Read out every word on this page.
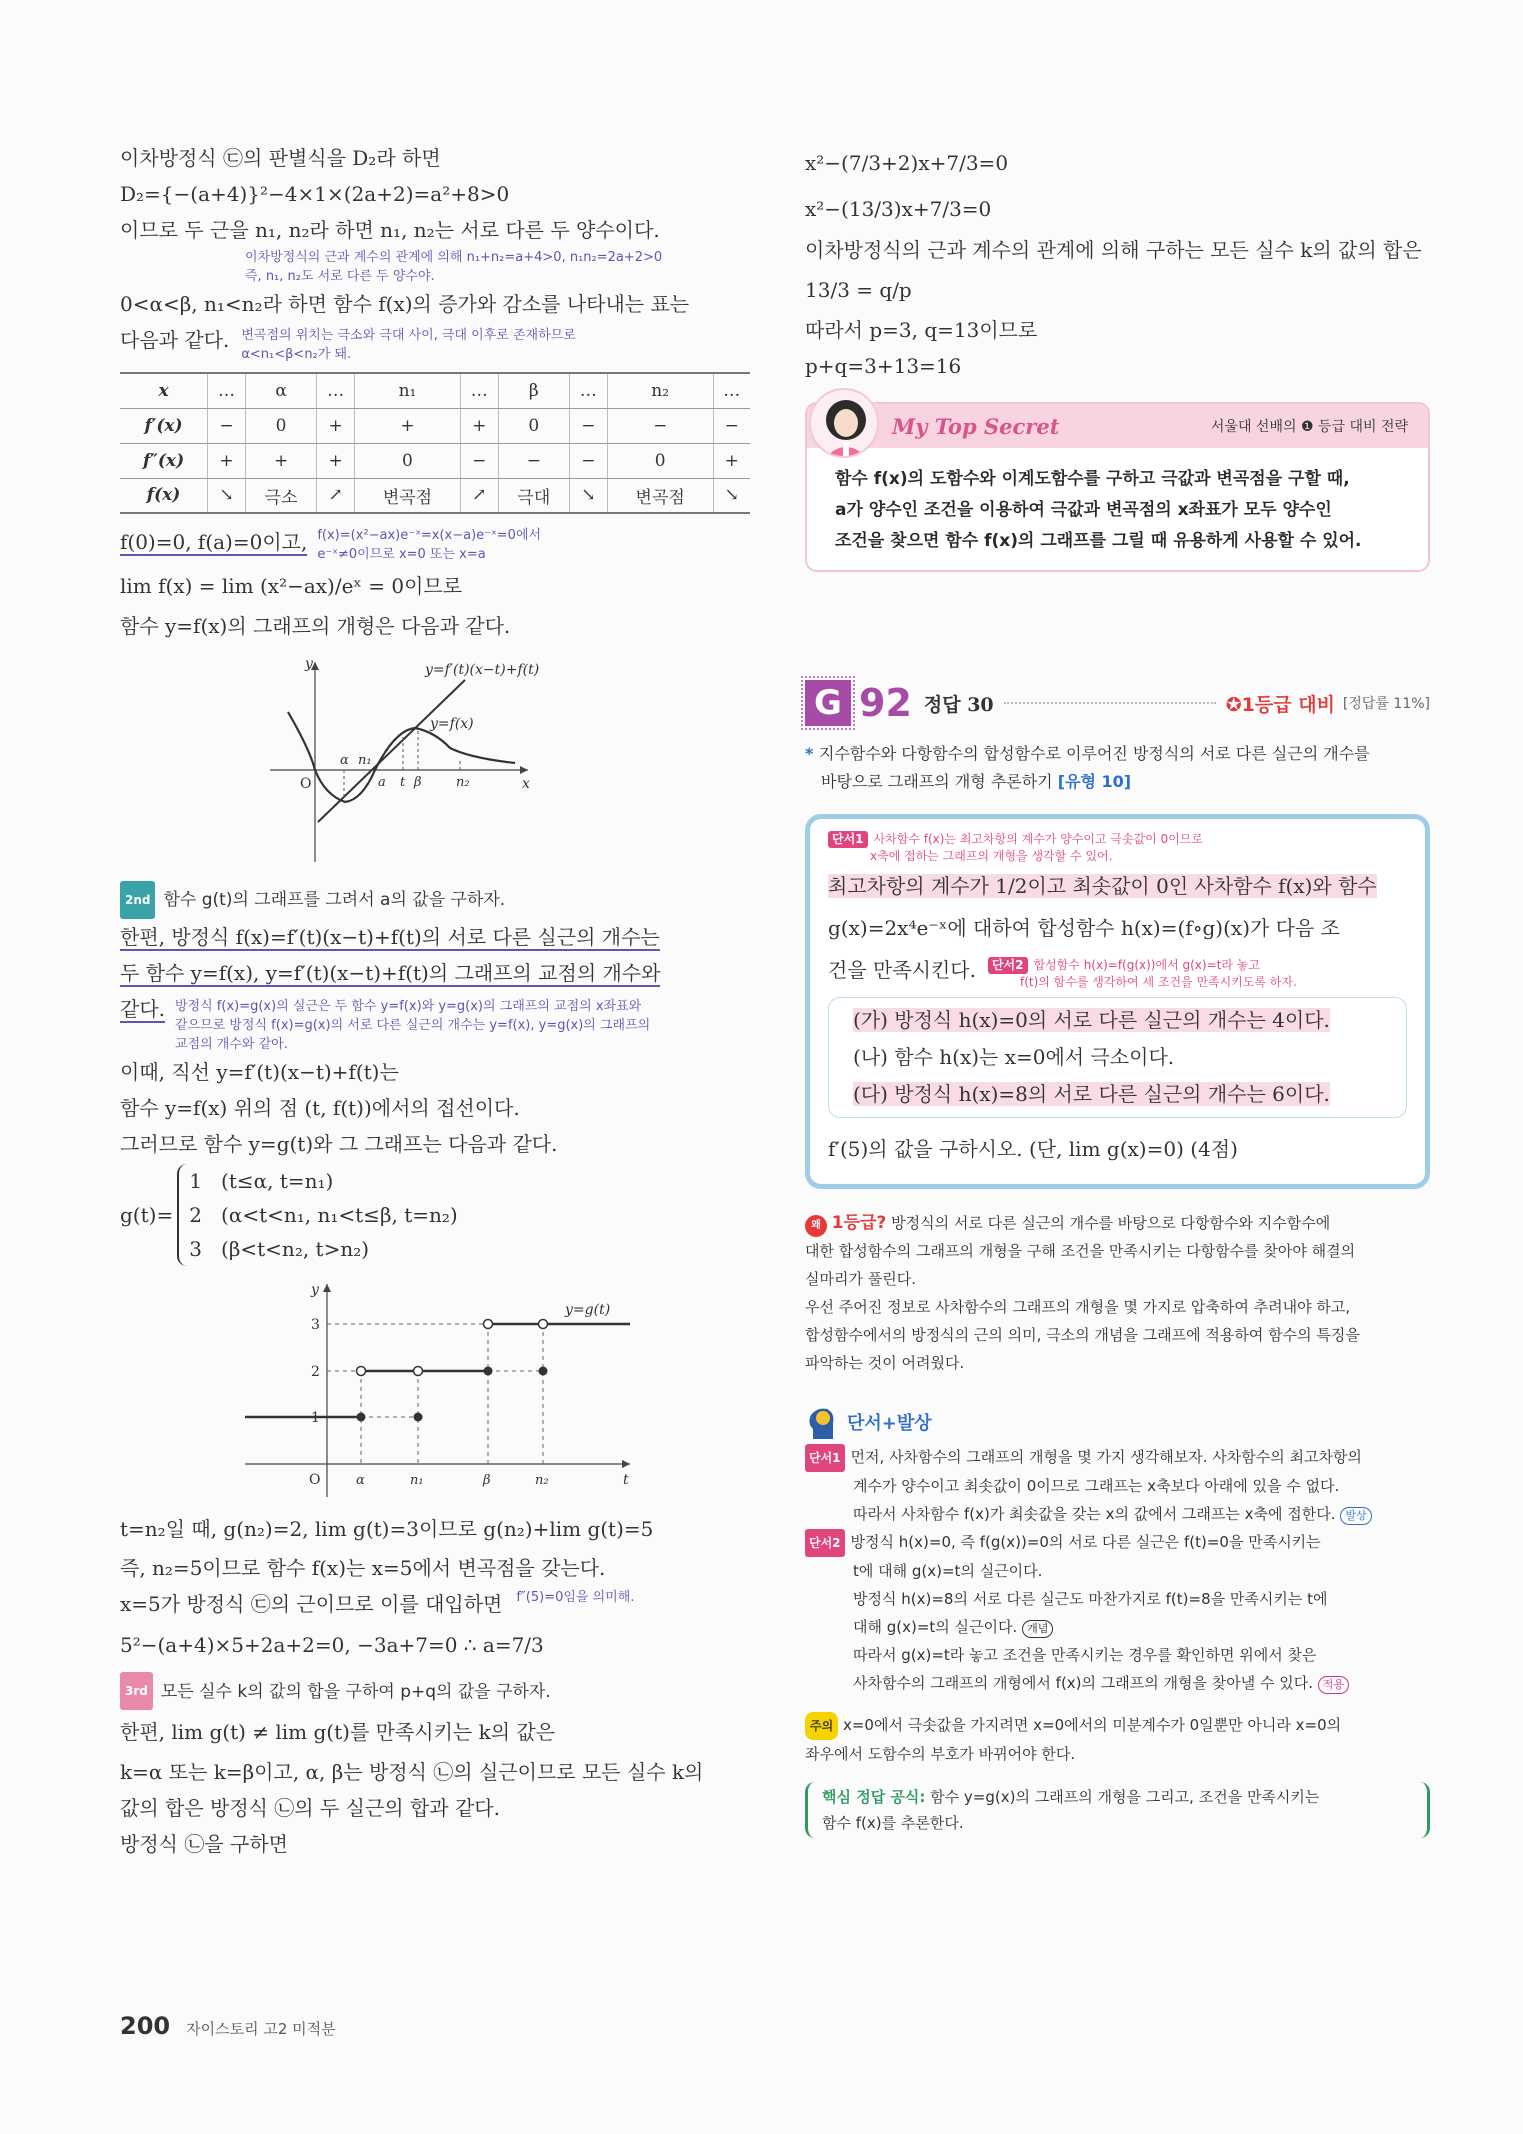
이차방정식 ㉢의 판별식을 D₂라 하면
D₂={−(a+4)}²−4×1×(2a+2)=a²+8>0
이므로 두 근을 n₁, n₂라 하면 n₁, n₂는 서로 다른 두 양수이다.
이차방정식의 근과 계수의 관계에 의해 n₁+n₂=a+4>0, n₁n₂=2a+2>0
즉, n₁, n₂도 서로 다른 두 양수야.
0<α<β, n₁<n₂라 하면 함수 f(x)의 증가와 감소를 나타내는 표는
다음과 같다. 변곡점의 위치는 극소와 극대 사이, 극대 이후로 존재하므로
α<n₁<β<n₂가 돼.
x	…	α	…	n₁	…	β	…	n₂	…
f′(x)	−	0	+	+	+	0	−	−	−
f″(x)	+	+	+	0	−	−	−	0	+
f(x)	↘	극소	↗	변곡점	↗	극대	↘	변곡점	↘
f(0)=0, f(a)=0이고, f(x)=(x²−ax)e⁻ˣ=x(x−a)e⁻ˣ=0에서
e⁻ˣ≠0이므로 x=0 또는 x=a
lim f(x) = lim (x²−ax)/eˣ = 0이므로
함수 y=f(x)의 그래프의 개형은 다음과 같다.
y
x
O
y=f′(t)(x−t)+f(t)
y=f(x)
α n₁
a t β	n₂
2nd 함수 g(t)의 그래프를 그려서 a의 값을 구하자.
한편, 방정식 f(x)=f′(t)(x−t)+f(t)의 서로 다른 실근의 개수는
두 함수 y=f(x), y=f′(t)(x−t)+f(t)의 그래프의 교점의 개수와
같다. 방정식 f(x)=g(x)의 실근은 두 함수 y=f(x)와 y=g(x)의 그래프의 교점의 x좌표와
같으므로 방정식 f(x)=g(x)의 서로 다른 실근의 개수는 y=f(x), y=g(x)의 그래프의
교점의 개수와 같아.
이때, 직선 y=f′(t)(x−t)+f(t)는
함수 y=f(x) 위의 점 (t, f(t))에서의 접선이다.
그러므로 함수 y=g(t)와 그 그래프는 다음과 같다.
g(t)=
1 (t≤α, t=n₁)
2 (α<t<n₁, n₁<t≤β, t=n₂)
3 (β<t<n₂, t>n₂)
y
t
O
1
2
3
α	n₁	β	n₂
y=g(t)
t=n₂일 때, g(n₂)=2, lim g(t)=3이므로 g(n₂)+lim g(t)=5
즉, n₂=5이므로 함수 f(x)는 x=5에서 변곡점을 갖는다.
x=5가 방정식 ㉢의 근이므로 이를 대입하면 f″(5)=0임을 의미해.
5²−(a+4)×5+2a+2=0, −3a+7=0 ∴ a=7/3
3rd 모든 실수 k의 값의 합을 구하여 p+q의 값을 구하자.
한편, lim g(t) ≠ lim g(t)를 만족시키는 k의 값은
k=α 또는 k=β이고, α, β는 방정식 ㉡의 실근이므로 모든 실수 k의
값의 합은 방정식 ㉡의 두 실근의 합과 같다.
방정식 ㉡을 구하면
x²−(7/3+2)x+7/3=0
x²−(13/3)x+7/3=0
이차방정식의 근과 계수의 관계에 의해 구하는 모든 실수 k의 값의 합은
13/3 = q/p
따라서 p=3, q=13이므로
p+q=3+13=16
My Top Secret	서울대 선배의 ❶ 등급 대비 전략
함수 f(x)의 도함수와 이계도함수를 구하고 극값과 변곡점을 구할 때,
a가 양수인 조건을 이용하여 극값과 변곡점의 x좌표가 모두 양수인
조건을 찾으면 함수 f(x)의 그래프를 그릴 때 유용하게 사용할 수 있어.
G 92 정답 30	✪1등급 대비 [정답률 11%]
* 지수함수와 다항함수의 합성함수로 이루어진 방정식의 서로 다른 실근의 개수를
바탕으로 그래프의 개형 추론하기 [유형 10]
단서1 사차함수 f(x)는 최고차항의 계수가 양수이고 극솟값이 0이므로
x축에 접하는 그래프의 개형을 생각할 수 있어.
최고차항의 계수가 1/2이고 최솟값이 0인 사차함수 f(x)와 함수
g(x)=2x⁴e⁻ˣ에 대하여 합성함수 h(x)=(f∘g)(x)가 다음 조
건을 만족시킨다.	단서2 합성함수 h(x)=f(g(x))에서 g(x)=t라 놓고
f(t)의 함수를 생각하여 세 조건을 만족시키도록 하자.
(가) 방정식 h(x)=0의 서로 다른 실근의 개수는 4이다.
(나) 함수 h(x)는 x=0에서 극소이다.
(다) 방정식 h(x)=8의 서로 다른 실근의 개수는 6이다.
f′(5)의 값을 구하시오. (단, lim g(x)=0) (4점)
왜 1등급? 방정식의 서로 다른 실근의 개수를 바탕으로 다항함수와 지수함수에
대한 합성함수의 그래프의 개형을 구해 조건을 만족시키는 다항함수를 찾아야 해결의
실마리가 풀린다.
우선 주어진 정보로 사차함수의 그래프의 개형을 몇 가지로 압축하여 추려내야 하고,
합성함수에서의 방정식의 근의 의미, 극소의 개념을 그래프에 적용하여 함수의 특징을
파악하는 것이 어려웠다.
단서+발상
단서1 먼저, 사차함수의 그래프의 개형을 몇 가지 생각해보자. 사차함수의 최고차항의
계수가 양수이고 최솟값이 0이므로 그래프는 x축보다 아래에 있을 수 없다.
따라서 사차함수 f(x)가 최솟값을 갖는 x의 값에서 그래프는 x축에 접한다. 발상
단서2 방정식 h(x)=0, 즉 f(g(x))=0의 서로 다른 실근은 f(t)=0을 만족시키는
t에 대해 g(x)=t의 실근이다.
방정식 h(x)=8의 서로 다른 실근도 마찬가지로 f(t)=8을 만족시키는 t에
대해 g(x)=t의 실근이다. 개념
따라서 g(x)=t라 놓고 조건을 만족시키는 경우를 확인하면 위에서 찾은
사차함수의 그래프의 개형에서 f(x)의 그래프의 개형을 찾아낼 수 있다. 적용
주의 x=0에서 극솟값을 가지려면 x=0에서의 미분계수가 0일뿐만 아니라 x=0의
좌우에서 도함수의 부호가 바뀌어야 한다.
핵심 정답 공식: 함수 y=g(x)의 그래프의 개형을 그리고, 조건을 만족시키는
함수 f(x)를 추론한다.
200 자이스토리 고2 미적분
